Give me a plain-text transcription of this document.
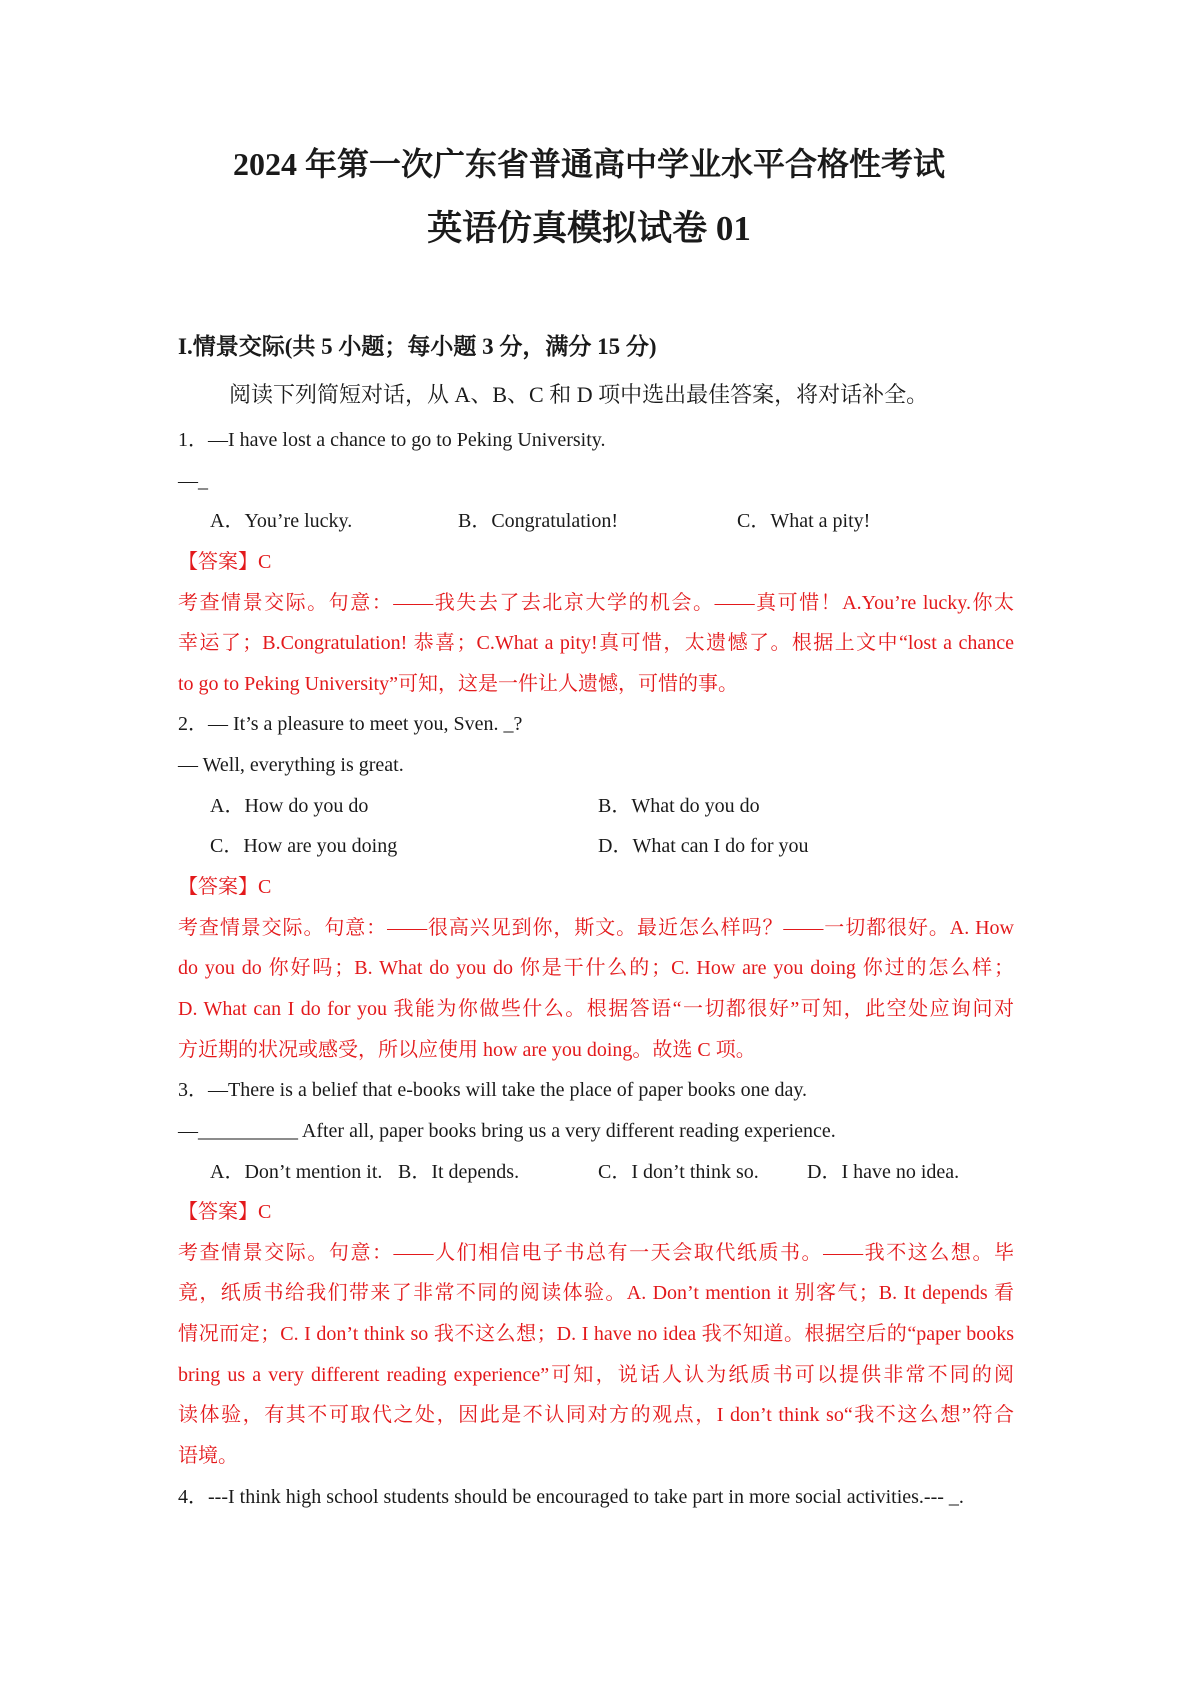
2024 年第一次广东省普通高中学业水平合格性考试
英语仿真模拟试卷 01
I.情景交际(共 5 小题；每小题 3 分，满分 15 分)
阅读下列简短对话，从 A、B、C 和 D 项中选出最佳答案，将对话补全。
1．—I have lost a chance to go to Peking University.
—_
A．You’re lucky.	B．Congratulation!	C．What a pity!
【答案】C
考查情景交际。句意：——我失去了去北京大学的机会。——真可惜！A.You’re lucky.你太
幸运了；B.Congratulation! 恭喜；C.What a pity!真可惜，太遗憾了。根据上文中“lost a chance
to go to Peking University”可知，这是一件让人遗憾，可惜的事。
2．— It’s a pleasure to meet you, Sven. _?
— Well, everything is great.
A．How do you do	B．What do you do
C．How are you doing	D．What can I do for you
【答案】C
考查情景交际。句意：——很高兴见到你，斯文。最近怎么样吗？——一切都很好。A. How
do you do 你好吗；B. What do you do 你是干什么的；C. How are you doing 你过的怎么样；
D. What can I do for you 我能为你做些什么。根据答语“一切都很好”可知，此空处应询问对
方近期的状况或感受，所以应使用 how are you doing。故选 C 项。
3．—There is a belief that e-books will take the place of paper books one day.
—__________ After all, paper books bring us a very different reading experience.
A．Don’t mention it. B．It depends.	C．I don’t think so. D．I have no idea.
【答案】C
考查情景交际。句意：——人们相信电子书总有一天会取代纸质书。——我不这么想。毕
竟，纸质书给我们带来了非常不同的阅读体验。A. Don’t mention it 别客气；B. It depends 看
情况而定；C. I don’t think so 我不这么想；D. I have no idea 我不知道。根据空后的“paper books
bring us a very different reading experience”可知，说话人认为纸质书可以提供非常不同的阅
读体验，有其不可取代之处，因此是不认同对方的观点，I don’t think so“我不这么想”符合
语境。
4．---I think high school students should be encouraged to take part in more social activities.--- _.
